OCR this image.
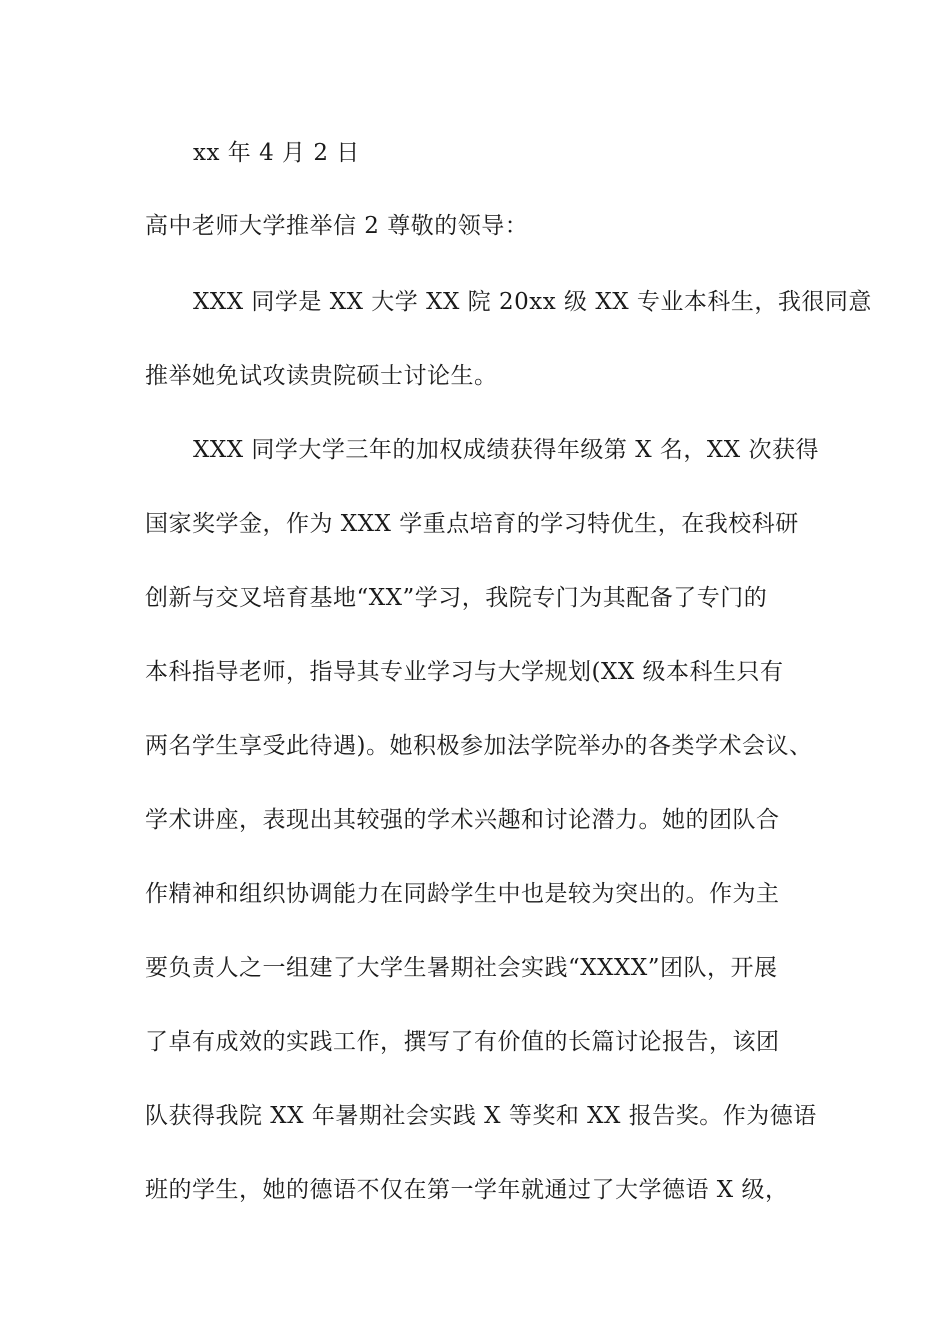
xx 年 4 月 2 日
高中老师大学推举信 2 尊敬的领导：
XXX 同学是 XX 大学 XX 院 20xx 级 XX 专业本科生，我很同意
推举她免试攻读贵院硕士讨论生。
XXX 同学大学三年的加权成绩获得年级第 X 名，XX 次获得
国家奖学金，作为 XXX 学重点培育的学习特优生，在我校科研
创新与交叉培育基地“XX”学习，我院专门为其配备了专门的
本科指导老师，指导其专业学习与大学规划(XX 级本科生只有
两名学生享受此待遇)。她积极参加法学院举办的各类学术会议、
学术讲座，表现出其较强的学术兴趣和讨论潜力。她的团队合
作精神和组织协调能力在同龄学生中也是较为突出的。作为主
要负责人之一组建了大学生暑期社会实践“XXXX”团队，开展
了卓有成效的实践工作，撰写了有价值的长篇讨论报告，该团
队获得我院 XX 年暑期社会实践 X 等奖和 XX 报告奖。作为德语
班的学生，她的德语不仅在第一学年就通过了大学德语 X 级，
